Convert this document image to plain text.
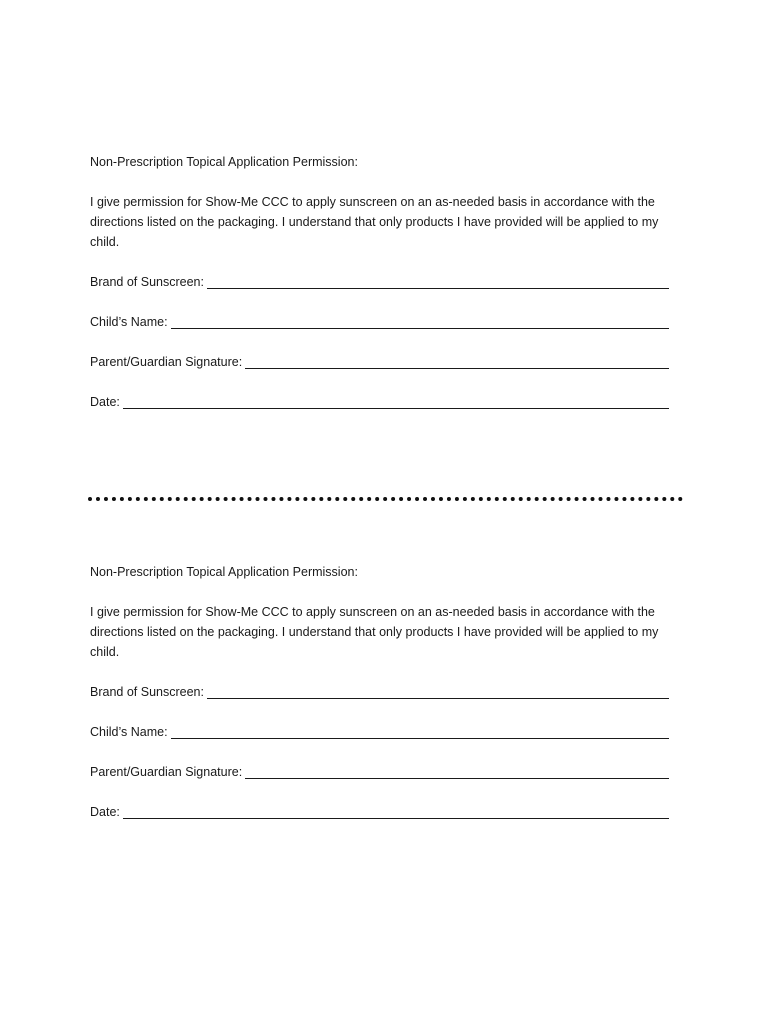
Non-Prescription Topical Application Permission:

I give permission for Show-Me CCC to apply sunscreen on an as-needed basis in accordance with the directions listed on the packaging. I understand that only products I have provided will be applied to my child.

Brand of Sunscreen:
Child’s Name:
Parent/Guardian Signature:
Date:

Non-Prescription Topical Application Permission:

I give permission for Show-Me CCC to apply sunscreen on an as-needed basis in accordance with the directions listed on the packaging. I understand that only products I have provided will be applied to my child.

Brand of Sunscreen:
Child’s Name:
Parent/Guardian Signature:
Date:
